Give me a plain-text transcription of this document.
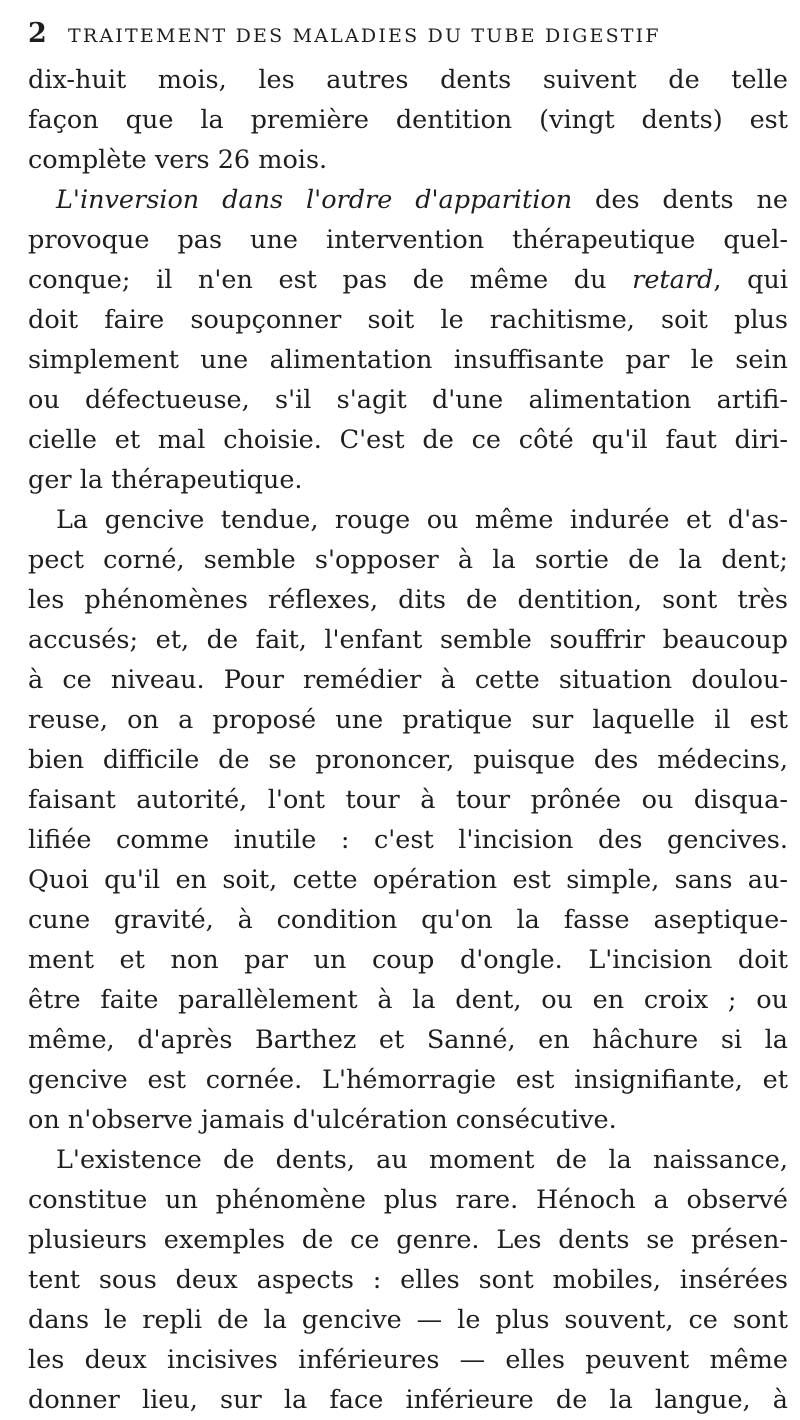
2 TRAITEMENT DES MALADIES DU TUBE DIGESTIF
dix-huit mois, les autres dents suivent de telle
façon que la première dentition (vingt dents) est
complète vers 26 mois.
L'inversion dans l'ordre d'apparition des dents ne
provoque pas une intervention thérapeutique quel-
conque; il n'en est pas de même du retard, qui
doit faire soupçonner soit le rachitisme, soit plus
simplement une alimentation insuffisante par le sein
ou défectueuse, s'il s'agit d'une alimentation artifi-
cielle et mal choisie. C'est de ce côté qu'il faut diri-
ger la thérapeutique.
La gencive tendue, rouge ou même indurée et d'as-
pect corné, semble s'opposer à la sortie de la dent;
les phénomènes réflexes, dits de dentition, sont très
accusés; et, de fait, l'enfant semble souffrir beaucoup
à ce niveau. Pour remédier à cette situation doulou-
reuse, on a proposé une pratique sur laquelle il est
bien difficile de se prononcer, puisque des médecins,
faisant autorité, l'ont tour à tour prônée ou disqua-
lifiée comme inutile : c'est l'incision des gencives.
Quoi qu'il en soit, cette opération est simple, sans au-
cune gravité, à condition qu'on la fasse aseptique-
ment et non par un coup d'ongle. L'incision doit
être faite parallèlement à la dent, ou en croix ; ou
même, d'après Barthez et Sanné, en hâchure si la
gencive est cornée. L'hémorragie est insignifiante, et
on n'observe jamais d'ulcération consécutive.
L'existence de dents, au moment de la naissance,
constitue un phénomène plus rare. Hénoch a observé
plusieurs exemples de ce genre. Les dents se présen-
tent sous deux aspects : elles sont mobiles, insérées
dans le repli de la gencive — le plus souvent, ce sont
les deux incisives inférieures — elles peuvent même
donner lieu, sur la face inférieure de la langue, à
